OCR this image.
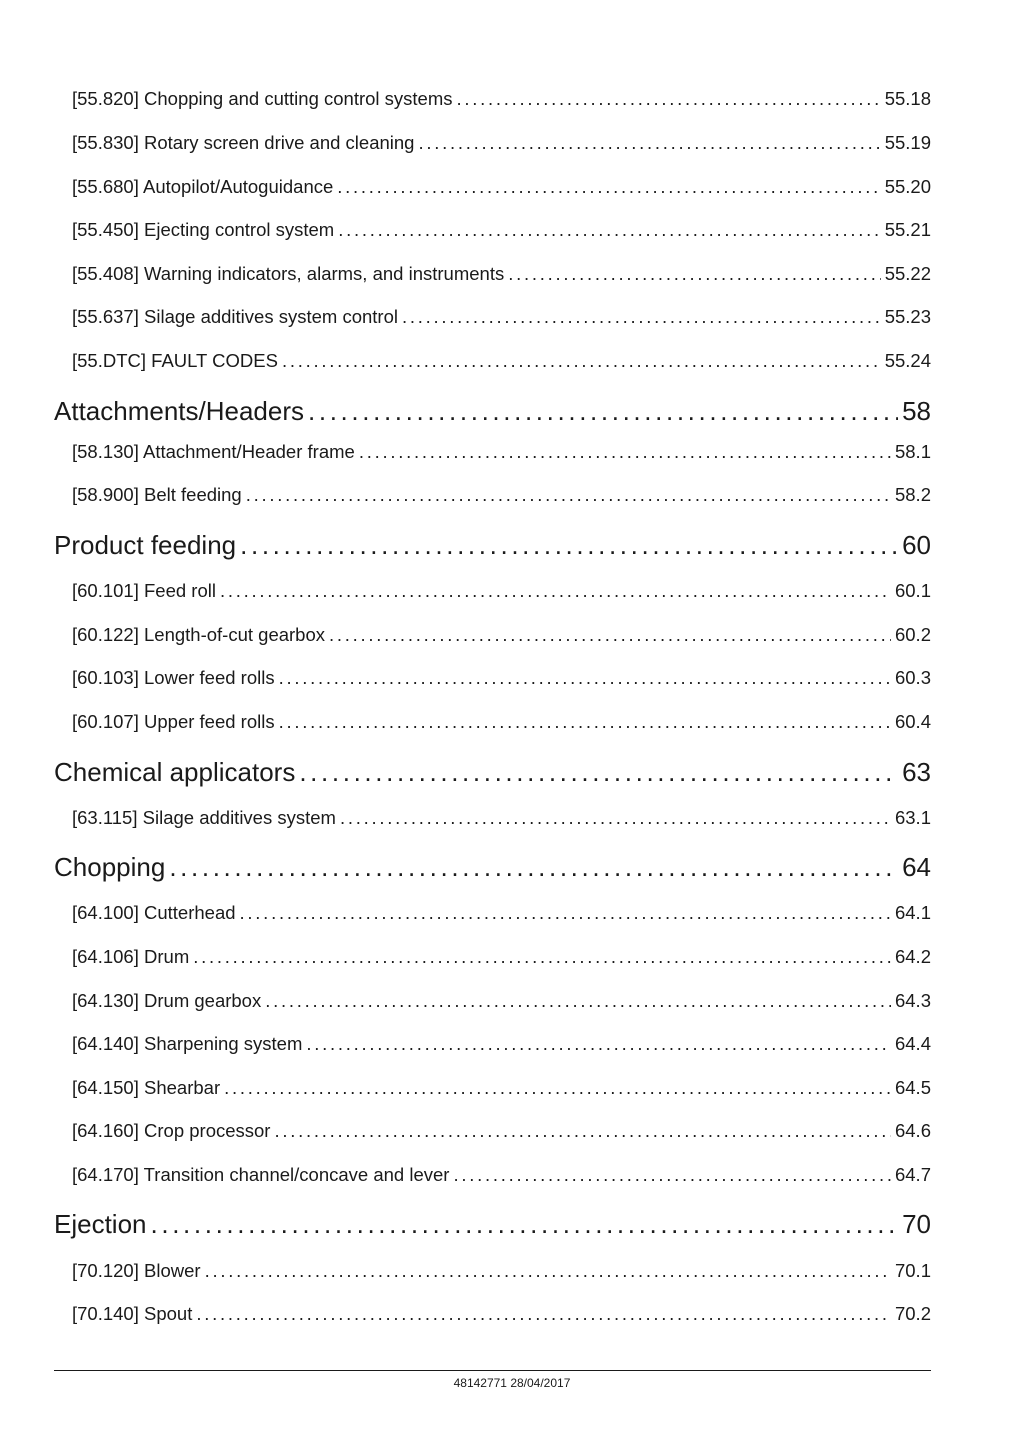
[55.820] Chopping and cutting control systems . . .	55.18
[55.830] Rotary screen drive and cleaning . . .	55.19
[55.680] Autopilot/Autoguidance . . .	55.20
[55.450] Ejecting control system . . .	55.21
[55.408] Warning indicators, alarms, and instruments . . .	55.22
[55.637] Silage additives system control . . .	55.23
[55.DTC] FAULT CODES . . .	55.24
Attachments/Headers . . .	58
[58.130] Attachment/Header frame . . .	58.1
[58.900] Belt feeding . . .	58.2
Product feeding . . .	60
[60.101] Feed roll . . .	60.1
[60.122] Length-of-cut gearbox . . .	60.2
[60.103] Lower feed rolls . . .	60.3
[60.107] Upper feed rolls . . .	60.4
Chemical applicators . . .	63
[63.115] Silage additives system . . .	63.1
Chopping . . .	64
[64.100] Cutterhead . . .	64.1
[64.106] Drum . . .	64.2
[64.130] Drum gearbox . . .	64.3
[64.140] Sharpening system . . .	64.4
[64.150] Shearbar . . .	64.5
[64.160] Crop processor . . .	64.6
[64.170] Transition channel/concave and lever . . .	64.7
Ejection . . .	70
[70.120] Blower . . .	70.1
[70.140] Spout . . .	70.2
48142771 28/04/2017
